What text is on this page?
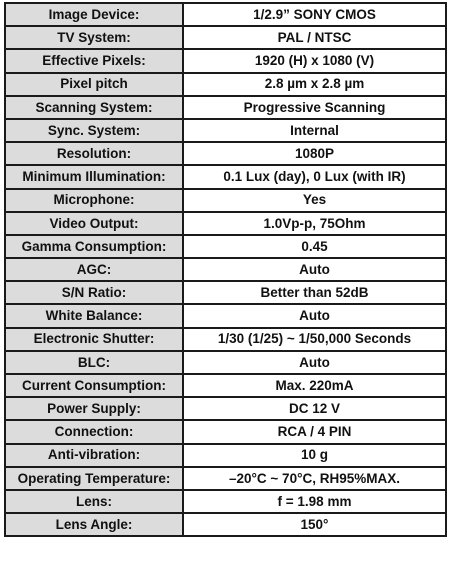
Image Device:	1/2.9” SONY CMOS
TV System:	PAL / NTSC
Effective Pixels:	1920 (H) x 1080 (V)
Pixel pitch	2.8 µm x 2.8 µm
Scanning System:	Progressive Scanning
Sync. System:	Internal
Resolution:	1080P
Minimum Illumination:	0.1 Lux (day), 0 Lux (with IR)
Microphone:	Yes
Video Output:	1.0Vp-p, 75Ohm
Gamma Consumption:	0.45
AGC:	Auto
S/N Ratio:	Better than 52dB
White Balance:	Auto
Electronic Shutter:	1/30 (1/25) ~ 1/50,000 Seconds
BLC:	Auto
Current Consumption:	Max. 220mA
Power Supply:	DC 12 V
Connection:	RCA / 4 PIN
Anti-vibration:	10 g
Operating Temperature:	–20°C ~ 70°C, RH95%MAX.
Lens:	f = 1.98 mm
Lens Angle:	150°
